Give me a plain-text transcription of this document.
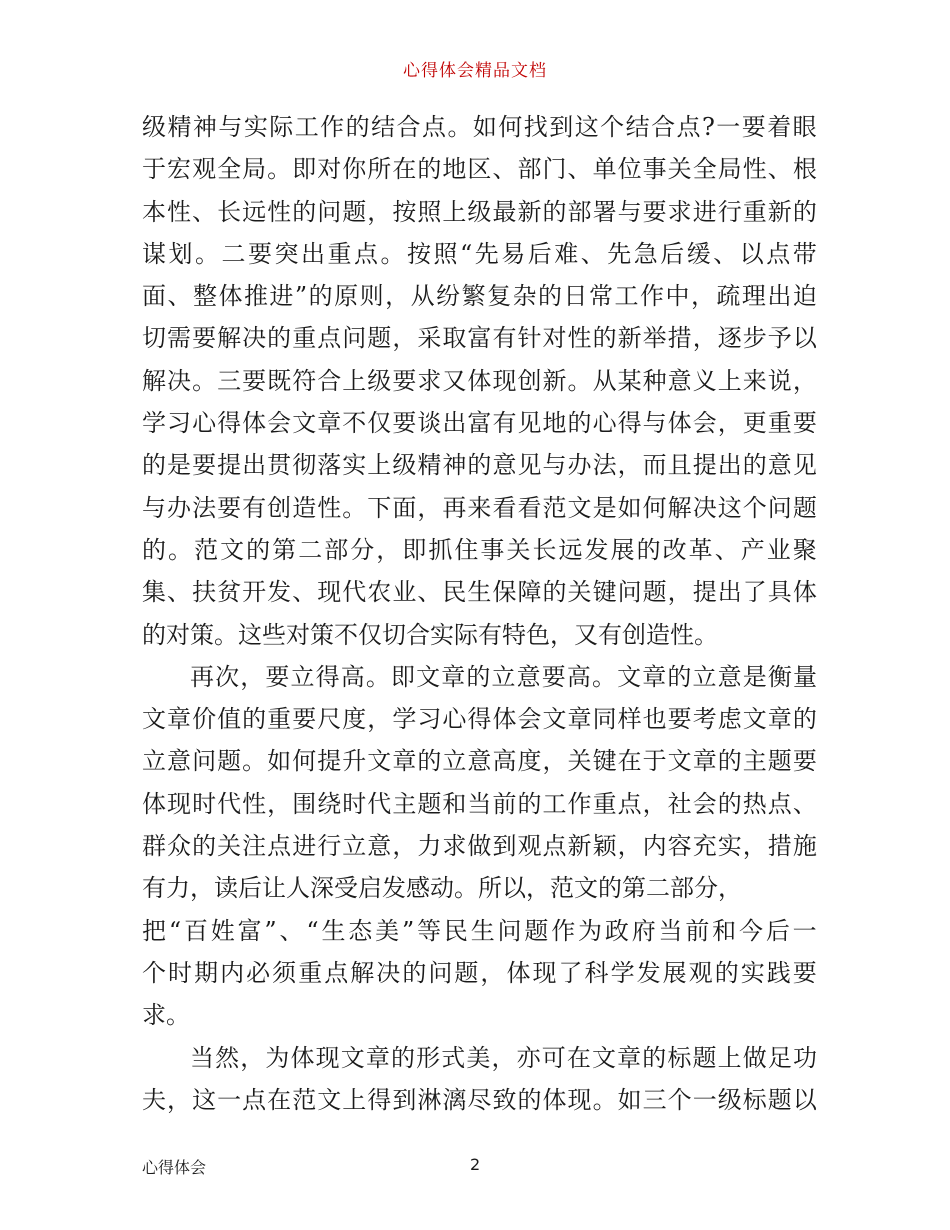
心得体会精品文档
级 精 神 与 实 际 工 作 的 结 合 点 。 如 何 找 到 这 个 结 合 点 ? 一 要 着 眼
于 宏 观 全 局 。 即 对 你 所 在 的 地 区 、 部 门 、 单 位 事 关 全 局 性 、 根
本 性 、 长 远 性 的 问 题 ， 按 照 上 级 最 新 的 部 署 与 要 求 进 行 重 新 的
谋 划 。 二 要 突 出 重 点 。 按 照 “ 先 易 后 难 、 先 急 后 缓 、 以 点 带
面 、 整 体 推 进 ” 的 原 则 ， 从 纷 繁 复 杂 的 日 常 工 作 中 ， 疏 理 出 迫
切 需 要 解 决 的 重 点 问 题 ， 采 取 富 有 针 对 性 的 新 举 措 ， 逐 步 予 以
解 决 。 三 要 既 符 合 上 级 要 求 又 体 现 创 新 。 从 某 种 意 义 上 来 说 ，
学 习 心 得 体 会 文 章 不 仅 要 谈 出 富 有 见 地 的 心 得 与 体 会 ， 更 重 要
的 是 要 提 出 贯 彻 落 实 上 级 精 神 的 意 见 与 办 法 ， 而 且 提 出 的 意 见
与 办 法 要 有 创 造 性 。 下 面 ， 再 来 看 看 范 文 是 如 何 解 决 这 个 问 题
的 。 范 文 的 第 二 部 分 ， 即 抓 住 事 关 长 远 发 展 的 改 革 、 产 业 聚
集 、 扶 贫 开 发 、 现 代 农 业 、 民 生 保 障 的 关 键 问 题 ， 提 出 了 具 体
的对策。这些对策不仅切合实际有特色，又有创造性。
再 次 ， 要 立 得 高 。 即 文 章 的 立 意 要 高 。 文 章 的 立 意 是 衡 量
文 章 价 值 的 重 要 尺 度 ， 学 习 心 得 体 会 文 章 同 样 也 要 考 虑 文 章 的
立 意 问 题 。 如 何 提 升 文 章 的 立 意 高 度 ， 关 键 在 于 文 章 的 主 题 要
体 现 时 代 性 ， 围 绕 时 代 主 题 和 当 前 的 工 作 重 点 ， 社 会 的 热 点 、
群 众 的 关 注 点 进 行 立 意 ， 力 求 做 到 观 点 新 颖 ， 内 容 充 实 ， 措 施
有力，读后让人深受启发感动。所以，范文的第二部分，
把 “ 百 姓 富 ” 、 “ 生 态 美 ” 等 民 生 问 题 作 为 政 府 当 前 和 今 后 一
个 时 期 内 必 须 重 点 解 决 的 问 题 ， 体 现 了 科 学 发 展 观 的 实 践 要
求。
当 然 ， 为 体 现 文 章 的 形 式 美 ， 亦 可 在 文 章 的 标 题 上 做 足 功
夫 ， 这 一 点 在 范 文 上 得 到 淋 漓 尽 致 的 体 现 。 如 三 个 一 级 标 题 以
心得体会	2
